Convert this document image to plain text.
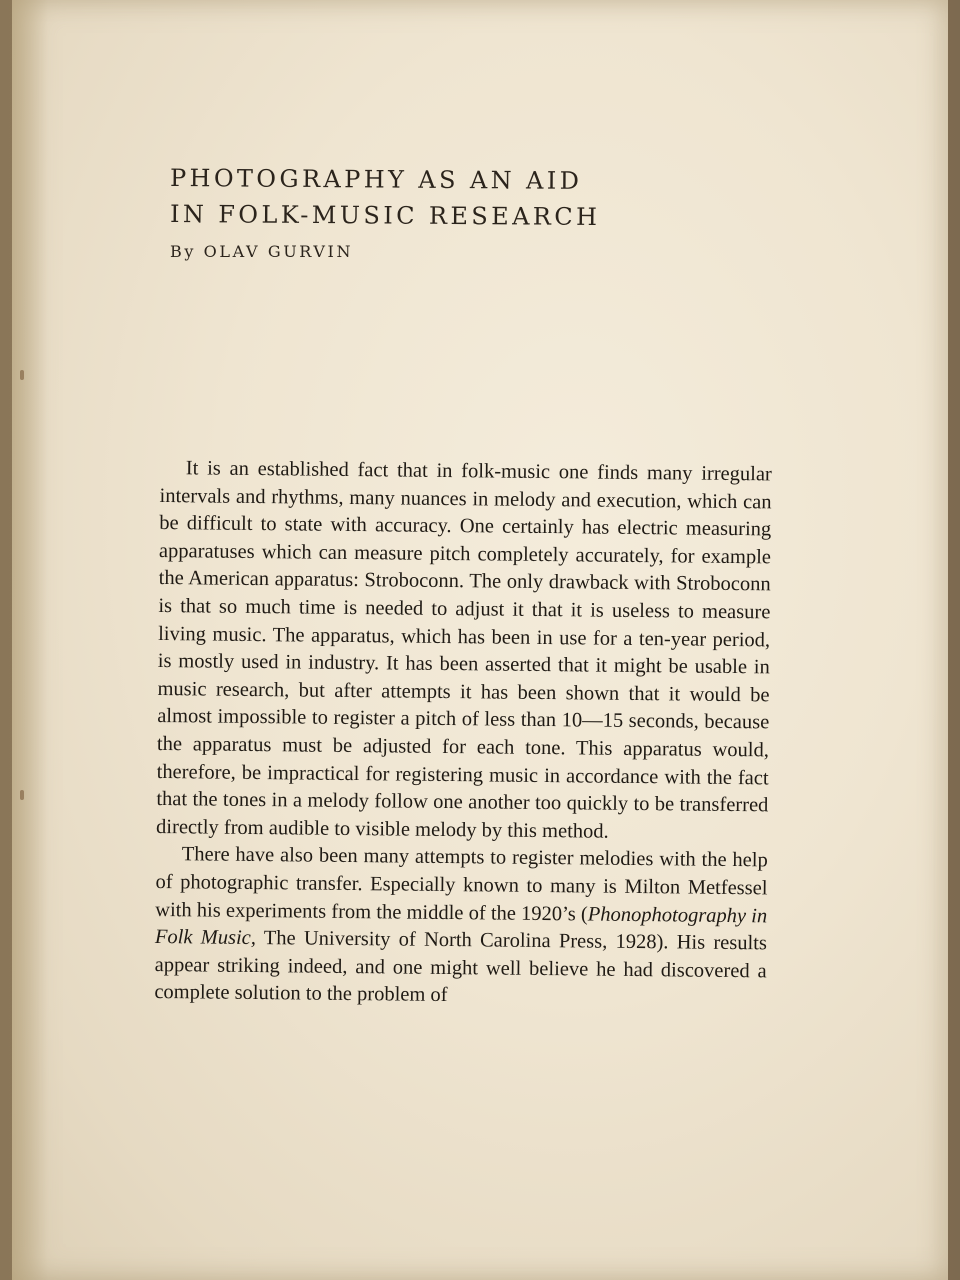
PHOTOGRAPHY AS AN AID
IN FOLK-MUSIC RESEARCH
By OLAV GURVIN

It is an established fact that in folk-music one finds many irregular intervals and rhythms, many nuances in melody and execution, which can be difficult to state with accuracy. One certainly has electric measuring apparatuses which can measure pitch completely accurately, for example the American apparatus: Stroboconn. The only drawback with Stroboconn is that so much time is needed to adjust it that it is useless to measure living music. The apparatus, which has been in use for a ten-year period, is mostly used in industry. It has been asserted that it might be usable in music research, but after attempts it has been shown that it would be almost impossible to register a pitch of less than 10—15 seconds, because the apparatus must be adjusted for each tone. This apparatus would, therefore, be impractical for registering music in accordance with the fact that the tones in a melody follow one another too quickly to be transferred directly from audible to visible melody by this method.

There have also been many attempts to register melodies with the help of photographic transfer. Especially known to many is Milton Metfessel with his experiments from the middle of the 1920’s (Phonophotography in Folk Music, The University of North Carolina Press, 1928). His results appear striking indeed, and one might well believe he had discovered a complete solution to the problem of
